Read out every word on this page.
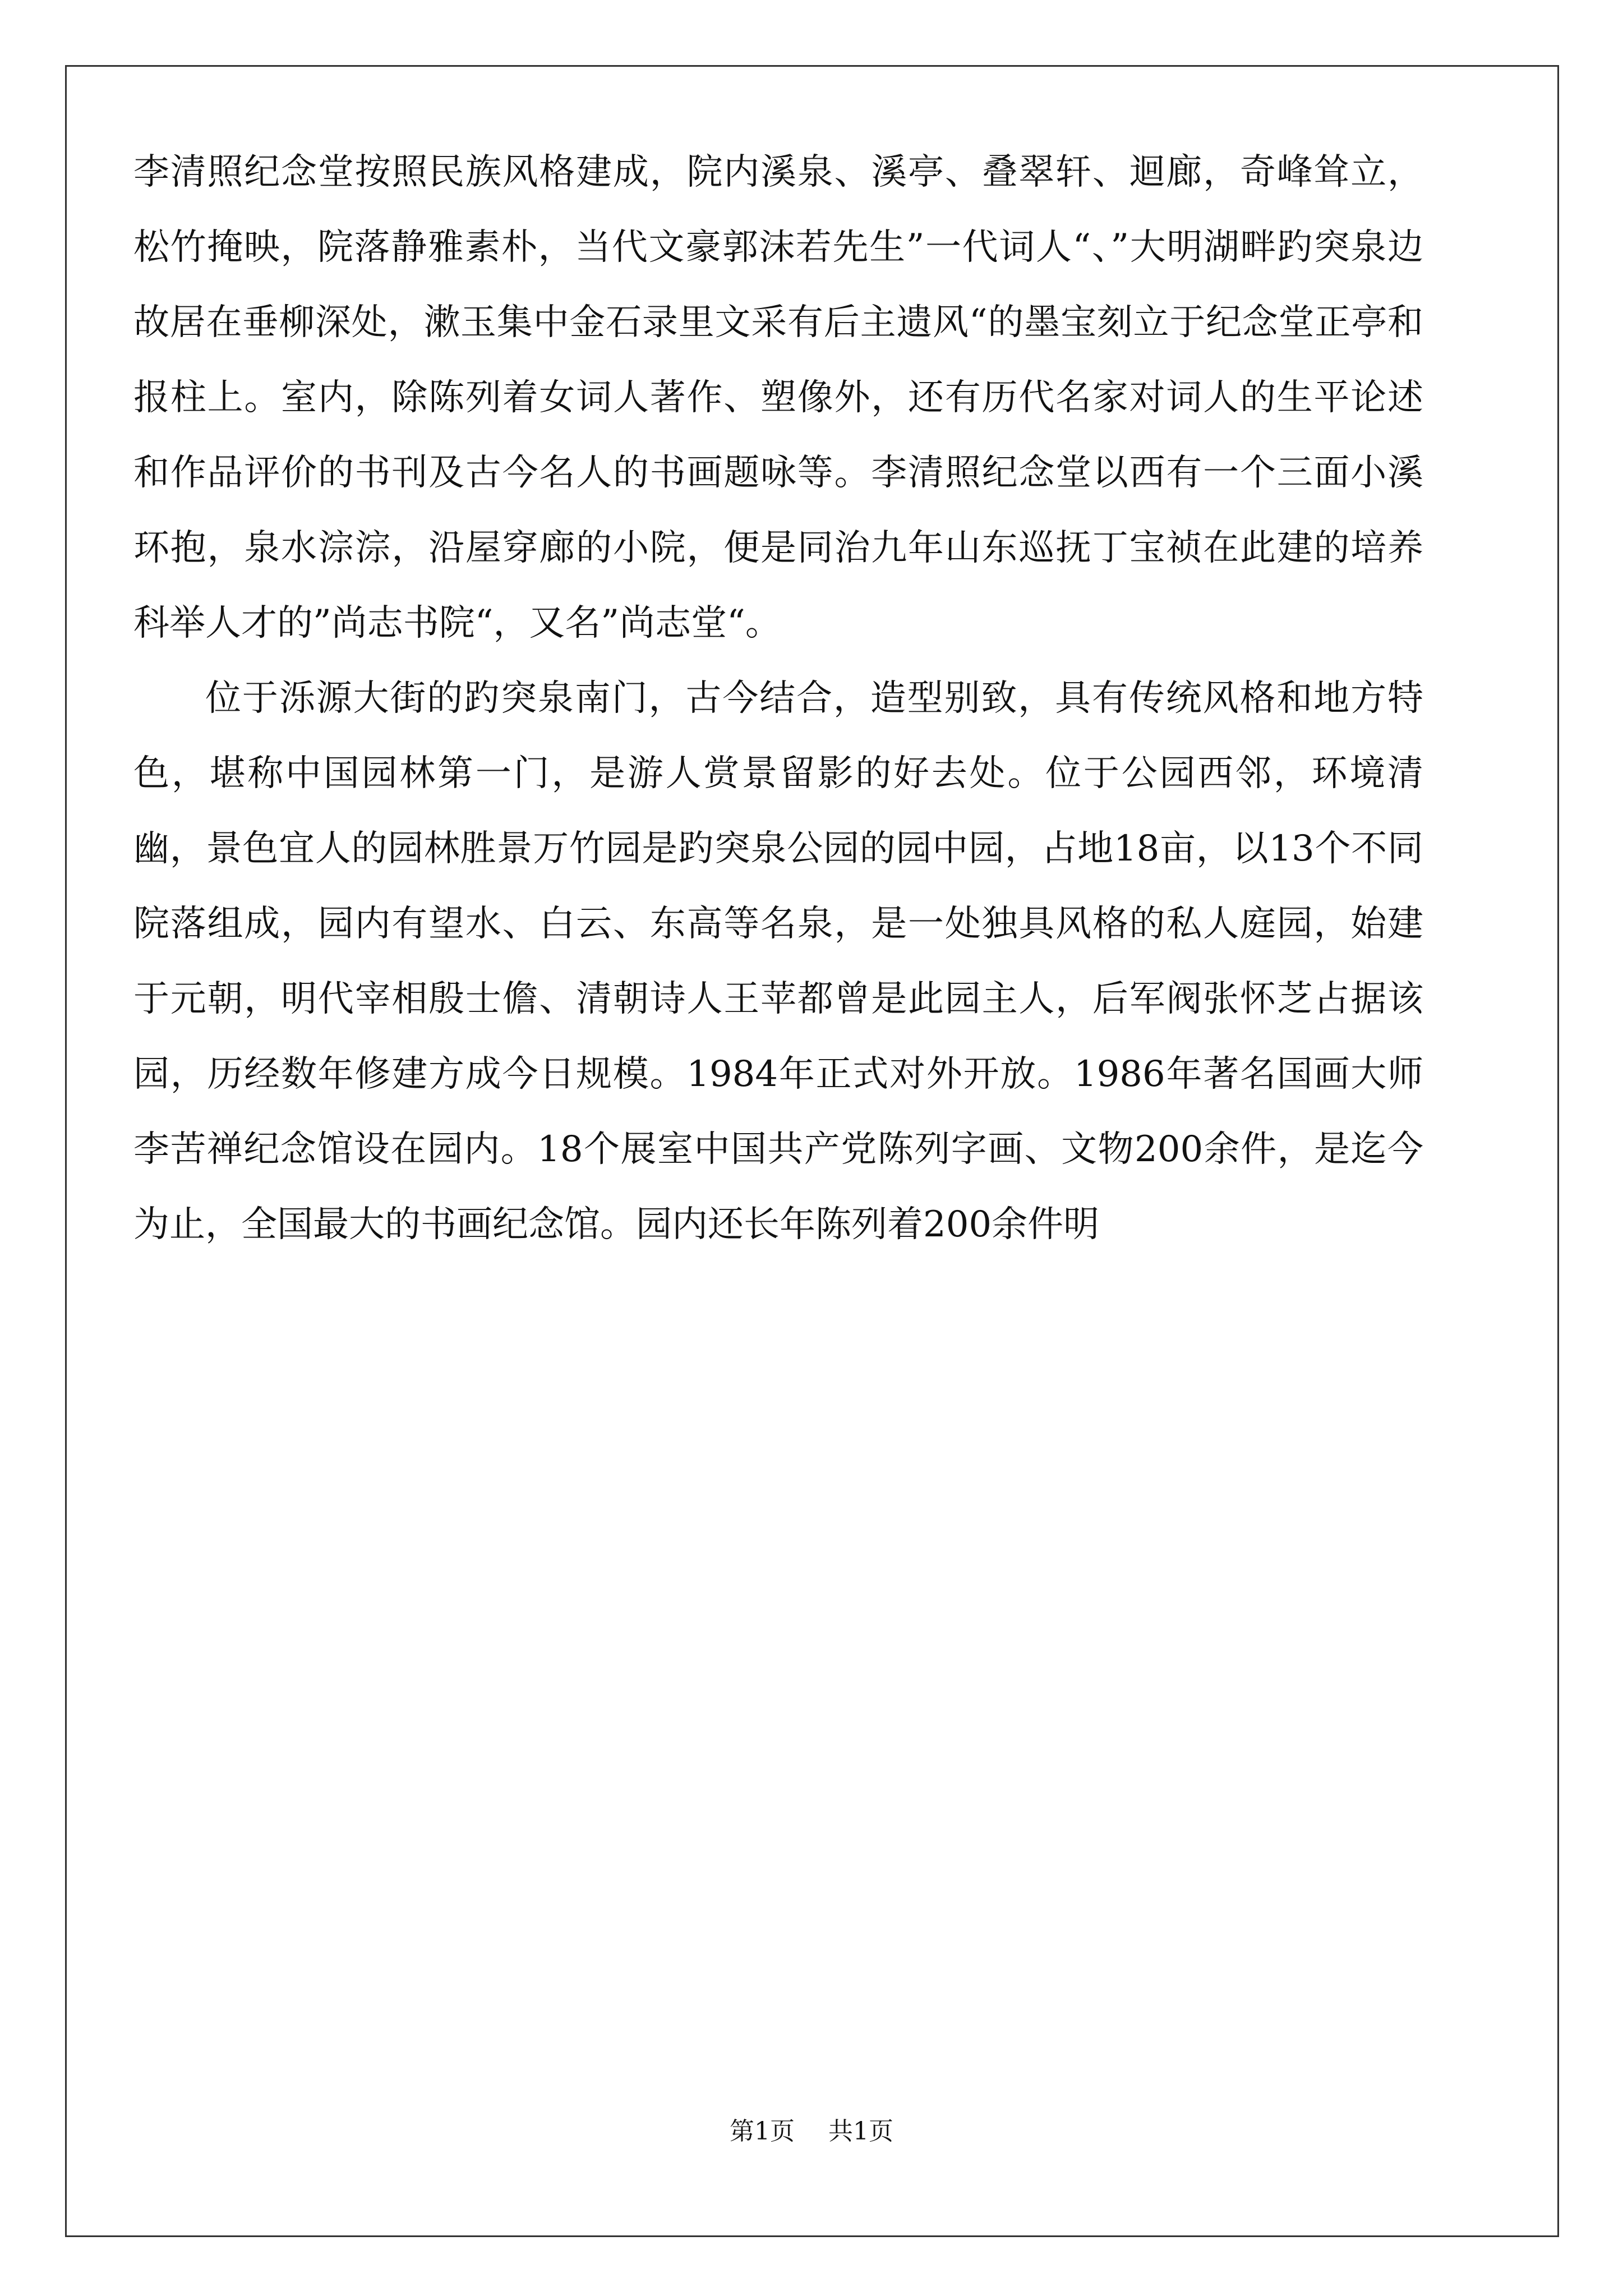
李清照纪念堂按照民族风格建成，院内溪泉、溪亭、叠翠轩、迴廊，奇峰耸立，松竹掩映，院落静雅素朴，当代文豪郭沫若先生”一代词人“、”大明湖畔趵突泉边故居在垂柳深处，漱玉集中金石录里文采有后主遗风“的墨宝刻立于纪念堂正亭和报柱上。室内，除陈列着女词人著作、塑像外，还有历代名家对词人的生平论述和作品评价的书刊及古今名人的书画题咏等。李清照纪念堂以西有一个三面小溪环抱，泉水淙淙，沿屋穿廊的小院，便是同治九年山东巡抚丁宝祯在此建的培养科举人才的”尚志书院“，又名”尚志堂“。

位于泺源大街的趵突泉南门，古今结合，造型别致，具有传统风格和地方特色，堪称中国园林第一门，是游人赏景留影的好去处。位于公园西邻，环境清幽，景色宜人的园林胜景万竹园是趵突泉公园的园中园，占地18亩，以13个不同院落组成，园内有望水、白云、东高等名泉，是一处独具风格的私人庭园，始建于元朝，明代宰相殷士儋、清朝诗人王苹都曾是此园主人，后军阀张怀芝占据该园，历经数年修建方成今日规模。1984年正式对外开放。1986年著名国画大师李苦禅纪念馆设在园内。18个展室中国共产党陈列字画、文物200余件，是迄今为止，全国最大的书画纪念馆。园内还长年陈列着200余件明

第1页 共1页
